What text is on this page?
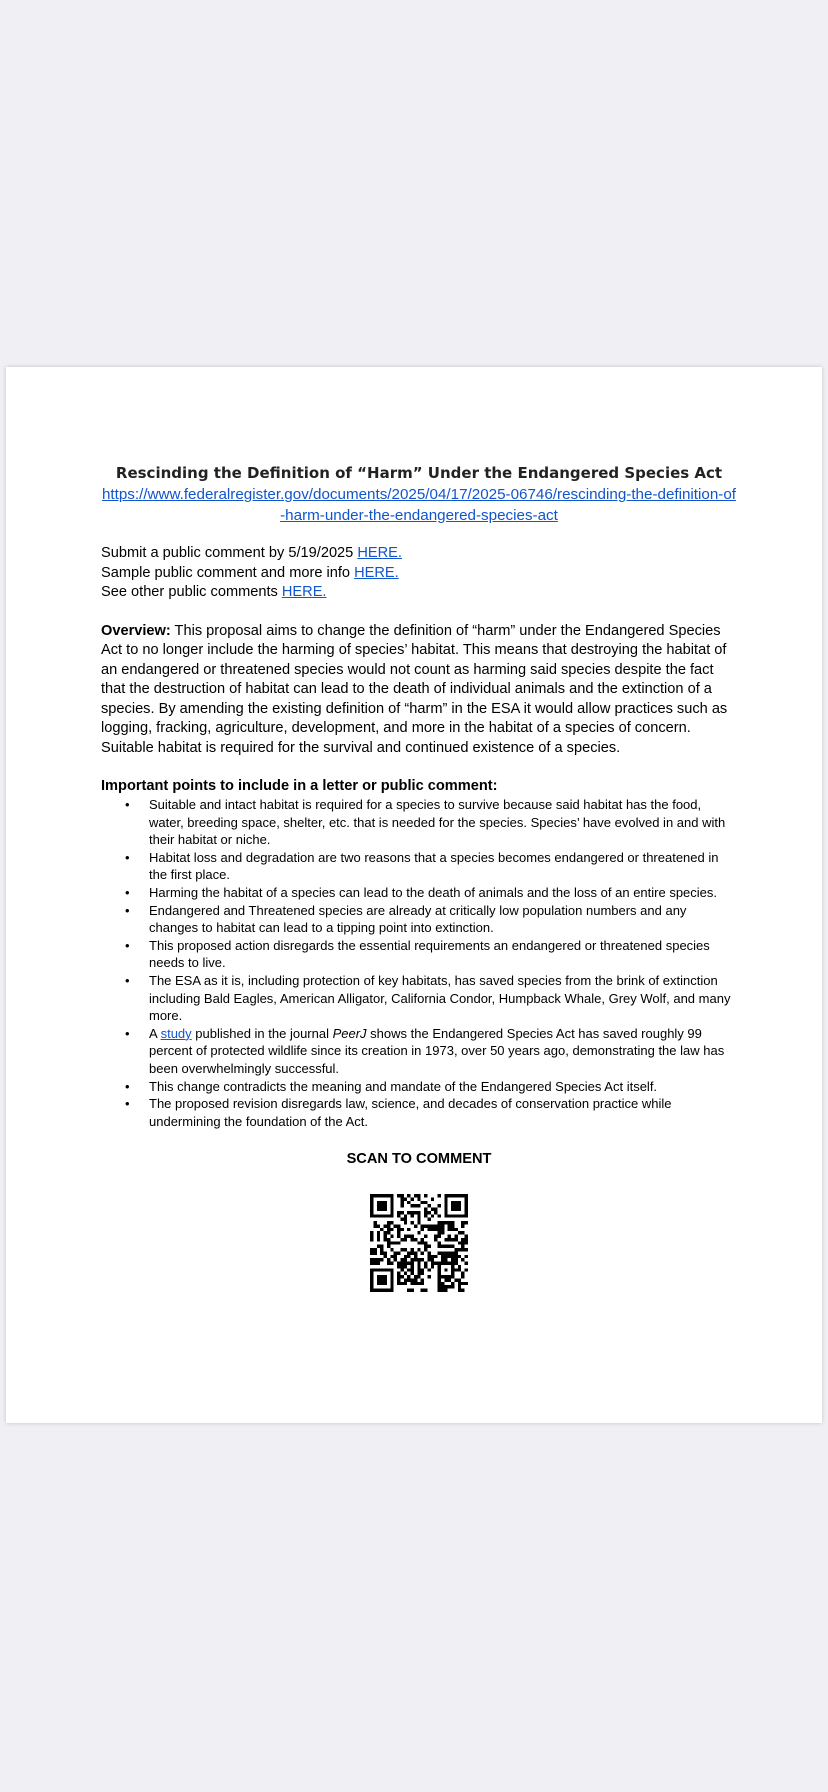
Rescinding the Definition of “Harm” Under the Endangered Species Act

https://www.federalregister.gov/documents/2025/04/17/2025-06746/rescinding-the-definition-of-harm-under-the-endangered-species-act

Submit a public comment by 5/19/2025 HERE.
Sample public comment and more info HERE.
See other public comments HERE.
Overview: This proposal aims to change the definition of “harm” under the Endangered Species Act to no longer include the harming of species’ habitat. This means that destroying the habitat of an endangered or threatened species would not count as harming said species despite the fact that the destruction of habitat can lead to the death of individual animals and the extinction of a species. By amending the existing definition of “harm” in the ESA it would allow practices such as logging, fracking, agriculture, development, and more in the habitat of a species of concern. Suitable habitat is required for the survival and continued existence of a species.
Important points to include in a letter or public comment:
• Suitable and intact habitat is required for a species to survive because said habitat has the food, water, breeding space, shelter, etc. that is needed for the species. Species’ have evolved in and with their habitat or niche.
• Habitat loss and degradation are two reasons that a species becomes endangered or threatened in the first place.
• Harming the habitat of a species can lead to the death of animals and the loss of an entire species.
• Endangered and Threatened species are already at critically low population numbers and any changes to habitat can lead to a tipping point into extinction.
• This proposed action disregards the essential requirements an endangered or threatened species needs to live.
• The ESA as it is, including protection of key habitats, has saved species from the brink of extinction including Bald Eagles, American Alligator, California Condor, Humpback Whale, Grey Wolf, and many more.
• A study published in the journal PeerJ shows the Endangered Species Act has saved roughly 99 percent of protected wildlife since its creation in 1973, over 50 years ago, demonstrating the law has been overwhelmingly successful.
• This change contradicts the meaning and mandate of the Endangered Species Act itself.
• The proposed revision disregards law, science, and decades of conservation practice while undermining the foundation of the Act.
SCAN TO COMMENT
